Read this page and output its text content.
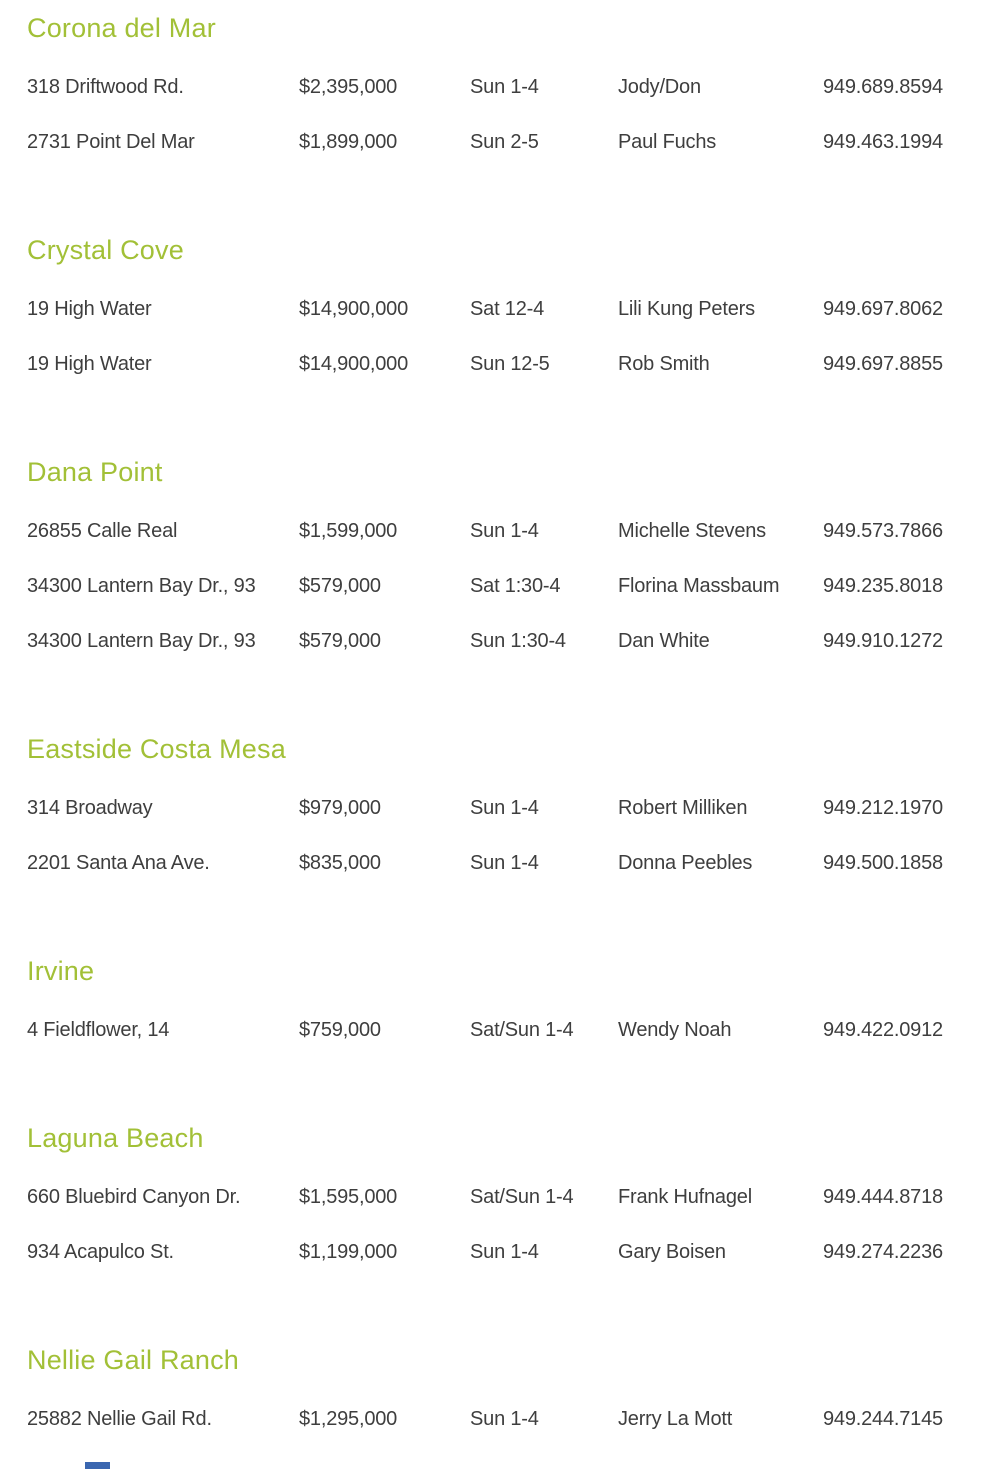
Corona del Mar
318 Driftwood Rd.	$2,395,000	Sun 1-4	Jody/Don	949.689.8594
2731 Point Del Mar	$1,899,000	Sun 2-5	Paul Fuchs	949.463.1994
Crystal Cove
19 High Water	$14,900,000	Sat 12-4	Lili Kung Peters	949.697.8062
19 High Water	$14,900,000	Sun 12-5	Rob Smith	949.697.8855
Dana Point
26855 Calle Real	$1,599,000	Sun 1-4	Michelle Stevens	949.573.7866
34300 Lantern Bay Dr., 93	$579,000	Sat 1:30-4	Florina Massbaum	949.235.8018
34300 Lantern Bay Dr., 93	$579,000	Sun 1:30-4	Dan White	949.910.1272
Eastside Costa Mesa
314 Broadway	$979,000	Sun 1-4	Robert Milliken	949.212.1970
2201 Santa Ana Ave.	$835,000	Sun 1-4	Donna Peebles	949.500.1858
Irvine
4 Fieldflower, 14	$759,000	Sat/Sun 1-4	Wendy Noah	949.422.0912
Laguna Beach
660 Bluebird Canyon Dr.	$1,595,000	Sat/Sun 1-4	Frank Hufnagel	949.444.8718
934 Acapulco St.	$1,199,000	Sun 1-4	Gary Boisen	949.274.2236
Nellie Gail Ranch
25882 Nellie Gail Rd.	$1,295,000	Sun 1-4	Jerry La Mott	949.244.7145
